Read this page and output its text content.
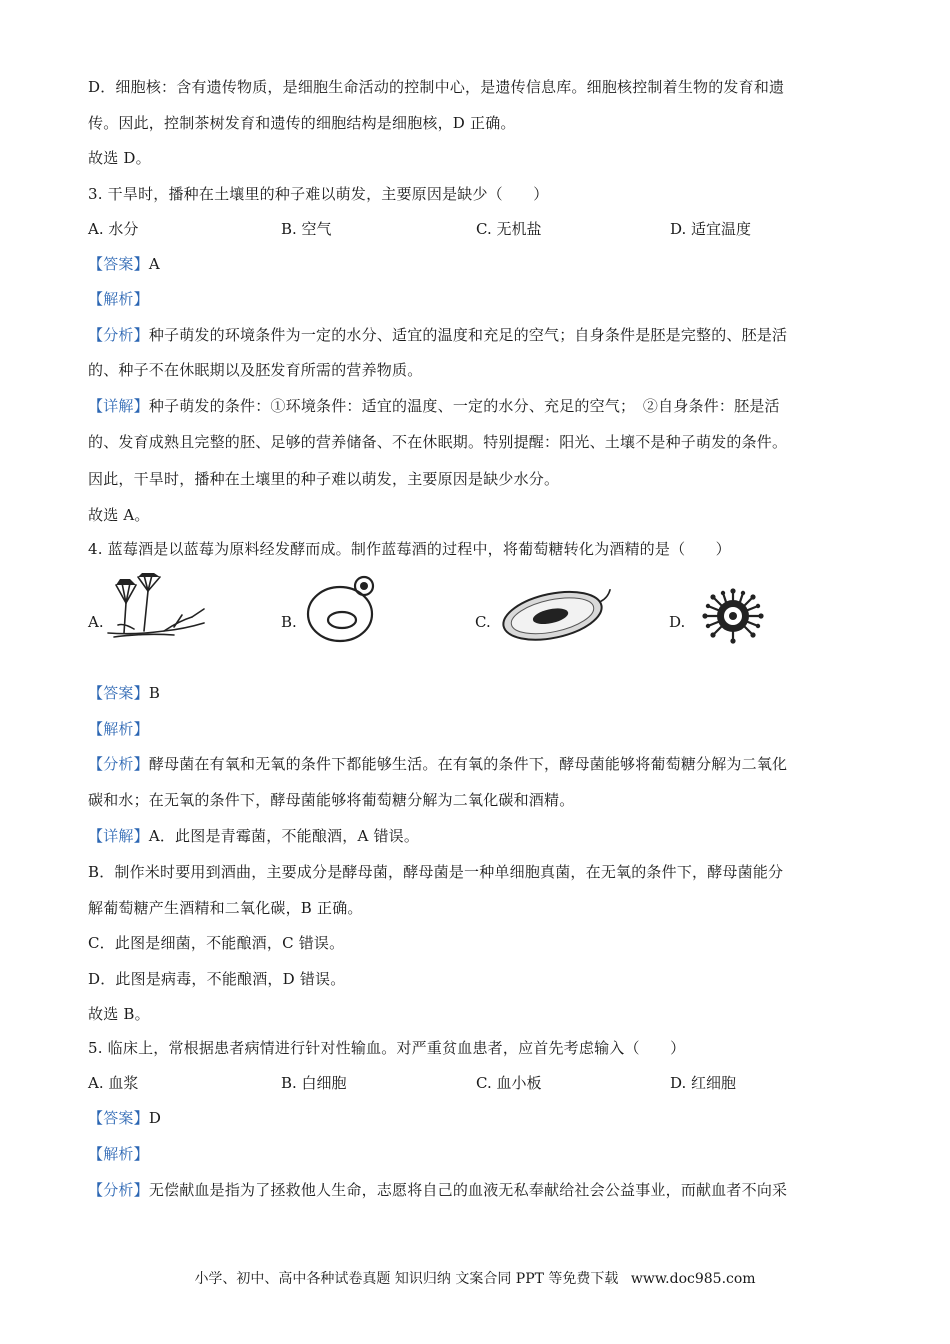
D．细胞核：含有遗传物质，是细胞生命活动的控制中心，是遗传信息库。细胞核控制着生物的发育和遗
传。因此，控制茶树发育和遗传的细胞结构是细胞核，D 正确。
故选 D。
3. 干旱时，播种在土壤里的种子难以萌发，主要原因是缺少（　　）
A. 水分	B. 空气	C. 无机盐	D. 适宜温度
【答案】A
【解析】
【分析】种子萌发的环境条件为一定的水分、适宜的温度和充足的空气；自身条件是胚是完整的、胚是活
的、种子不在休眠期以及胚发育所需的营养物质。
【详解】种子萌发的条件：①环境条件：适宜的温度、一定的水分、充足的空气；　②自身条件：胚是活
的、发育成熟且完整的胚、足够的营养储备、不在休眠期。特别提醒：阳光、土壤不是种子萌发的条件。
因此，干旱时，播种在土壤里的种子难以萌发，主要原因是缺少水分。
故选 A。
4. 蓝莓酒是以蓝莓为原料经发酵而成。制作蓝莓酒的过程中，将葡萄糖转化为酒精的是（　　）
A.	B.	C.	D.
【答案】B
【解析】
【分析】酵母菌在有氧和无氧的条件下都能够生活。在有氧的条件下，酵母菌能够将葡萄糖分解为二氧化
碳和水；在无氧的条件下，酵母菌能够将葡萄糖分解为二氧化碳和酒精。
【详解】A．此图是青霉菌，不能酿酒，A 错误。
B．制作米时要用到酒曲，主要成分是酵母菌，酵母菌是一种单细胞真菌，在无氧的条件下，酵母菌能分
解葡萄糖产生酒精和二氧化碳，B 正确。
C．此图是细菌，不能酿酒，C 错误。
D．此图是病毒，不能酿酒，D 错误。
故选 B。
5. 临床上，常根据患者病情进行针对性输血。对严重贫血患者，应首先考虑输入（　　）
A. 血浆	B. 白细胞	C. 血小板	D. 红细胞
【答案】D
【解析】
【分析】无偿献血是指为了拯救他人生命，志愿将自己的血液无私奉献给社会公益事业，而献血者不向采
小学、初中、高中各种试卷真题 知识归纳 文案合同 PPT 等免费下载 www.doc985.com
